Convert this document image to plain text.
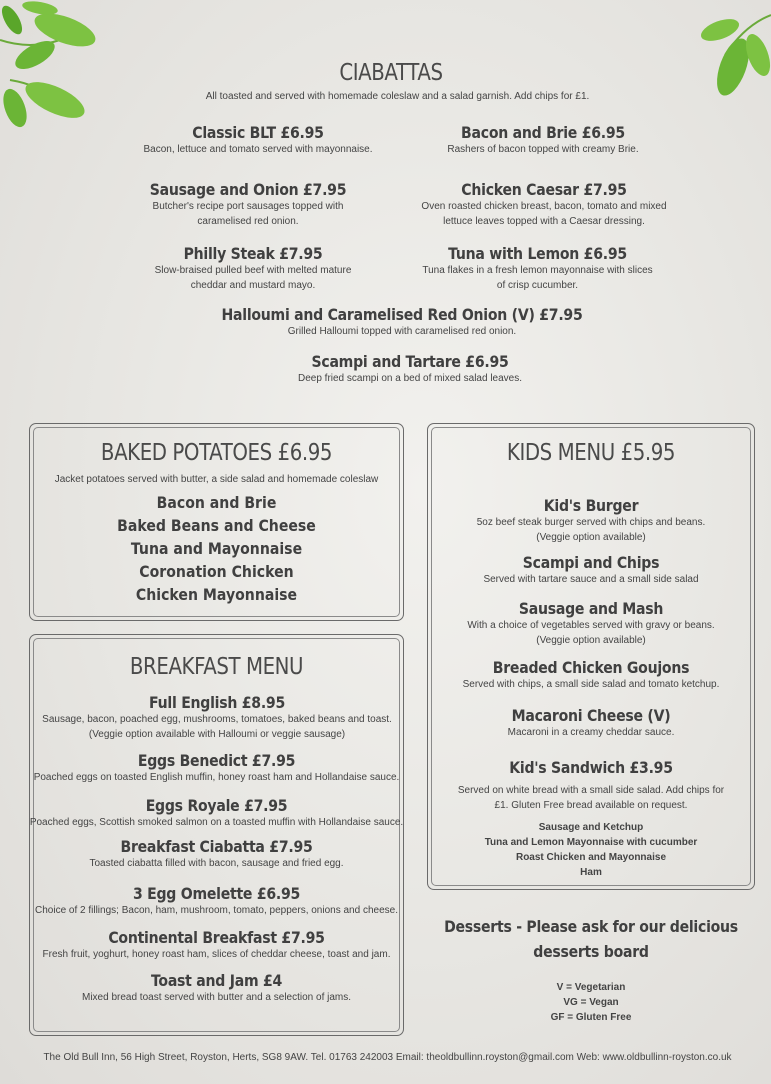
CIABATTAS
All toasted and served with homemade coleslaw and a salad garnish. Add chips for £1.
Classic BLT £6.95
Bacon, lettuce and tomato served with mayonnaise.
Bacon and Brie £6.95
Rashers of bacon topped with creamy Brie.
Sausage and Onion £7.95
Butcher's recipe port sausages topped with caramelised red onion.
Chicken Caesar £7.95
Oven roasted chicken breast, bacon, tomato and mixed lettuce leaves topped with a Caesar dressing.
Philly Steak £7.95
Slow-braised pulled beef with melted mature cheddar and mustard mayo.
Tuna with Lemon £6.95
Tuna flakes in a fresh lemon mayonnaise with slices of crisp cucumber.
Halloumi and Caramelised Red Onion (V) £7.95
Grilled Halloumi topped with caramelised red onion.
Scampi and Tartare £6.95
Deep fried scampi on a bed of mixed salad leaves.
BAKED POTATOES £6.95
Jacket potatoes served with butter, a side salad and homemade coleslaw
Bacon and Brie
Baked Beans and Cheese
Tuna and Mayonnaise
Coronation Chicken
Chicken Mayonnaise
BREAKFAST MENU
Full English £8.95
Sausage, bacon, poached egg, mushrooms, tomatoes, baked beans and toast. (Veggie option available with Halloumi or veggie sausage)
Eggs Benedict £7.95
Poached eggs on toasted English muffin, honey roast ham and Hollandaise sauce.
Eggs Royale £7.95
Poached eggs, Scottish smoked salmon on a toasted muffin with Hollandaise sauce.
Breakfast Ciabatta £7.95
Toasted ciabatta filled with bacon, sausage and fried egg.
3 Egg Omelette £6.95
Choice of 2 fillings; Bacon, ham, mushroom, tomato, peppers, onions and cheese.
Continental Breakfast £7.95
Fresh fruit, yoghurt, honey roast ham, slices of cheddar cheese, toast and jam.
Toast and Jam £4
Mixed bread toast served with butter and a selection of jams.
KIDS MENU £5.95
Kid's Burger
5oz beef steak burger served with chips and beans.
(Veggie option available)
Scampi and Chips
Served with tartare sauce and a small side salad
Sausage and Mash
With a choice of vegetables served with gravy or beans.
(Veggie option available)
Breaded Chicken Goujons
Served with chips, a small side salad and tomato ketchup.
Macaroni Cheese (V)
Macaroni in a creamy cheddar sauce.
Kid's Sandwich £3.95
Served on white bread with a small side salad. Add chips for
£1. Gluten Free bread available on request.
Sausage and Ketchup
Tuna and Lemon Mayonnaise with cucumber
Roast Chicken and Mayonnaise
Ham
Desserts - Please ask for our delicious
desserts board
V = Vegetarian
VG = Vegan
GF = Gluten Free
The Old Bull Inn, 56 High Street, Royston, Herts, SG8 9AW. Tel. 01763 242003 Email: theoldbullinn.royston@gmail.com Web: www.oldbullinn-royston.co.uk
